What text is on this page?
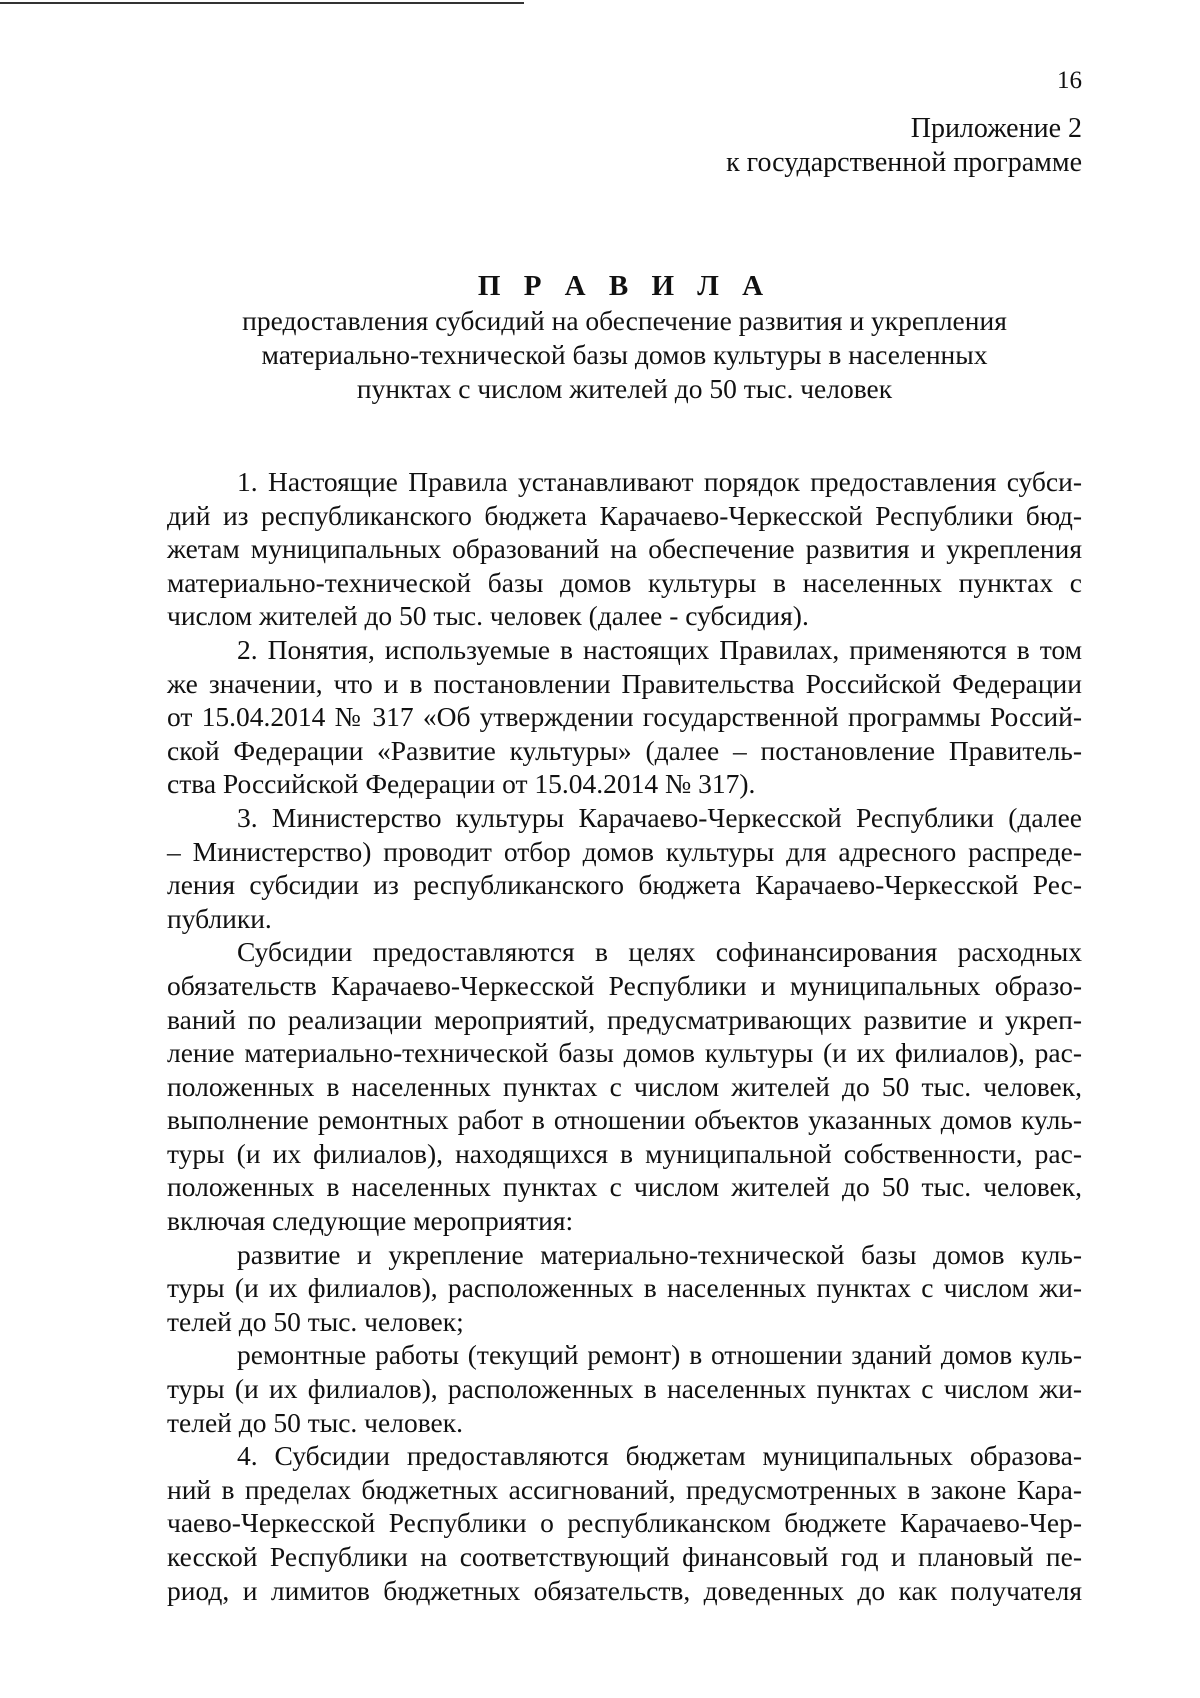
16
Приложение 2
к государственной программе
П Р А В И Л А
предоставления субсидий на обеспечение развития и укрепления
материально-технической базы домов культуры в населенных
пунктах с числом жителей до 50 тыс. человек
1. Настоящие Правила устанавливают порядок предоставления субси-
дий из республиканского бюджета Карачаево-Черкесской Республики бюд-
жетам муниципальных образований на обеспечение развития и укрепления
материально-технической базы домов культуры в населенных пунктах с
числом жителей до 50 тыс. человек (далее - субсидия).
2. Понятия, используемые в настоящих Правилах, применяются в том
же значении, что и в постановлении Правительства Российской Федерации
от 15.04.2014 № 317 «Об утверждении государственной программы Россий-
ской Федерации «Развитие культуры» (далее – постановление Правитель-
ства Российской Федерации от 15.04.2014 № 317).
3. Министерство культуры Карачаево-Черкесской Республики (далее
– Министерство) проводит отбор домов культуры для адресного распреде-
ления субсидии из республиканского бюджета Карачаево-Черкесской Рес-
публики.
Субсидии предоставляются в целях софинансирования расходных
обязательств Карачаево-Черкесской Республики и муниципальных образо-
ваний по реализации мероприятий, предусматривающих развитие и укреп-
ление материально-технической базы домов культуры (и их филиалов), рас-
положенных в населенных пунктах с числом жителей до 50 тыс. человек,
выполнение ремонтных работ в отношении объектов указанных домов куль-
туры (и их филиалов), находящихся в муниципальной собственности, рас-
положенных в населенных пунктах с числом жителей до 50 тыс. человек,
включая следующие мероприятия:
развитие и укрепление материально-технической базы домов куль-
туры (и их филиалов), расположенных в населенных пунктах с числом жи-
телей до 50 тыс. человек;
ремонтные работы (текущий ремонт) в отношении зданий домов куль-
туры (и их филиалов), расположенных в населенных пунктах с числом жи-
телей до 50 тыс. человек.
4. Субсидии предоставляются бюджетам муниципальных образова-
ний в пределах бюджетных ассигнований, предусмотренных в законе Кара-
чаево-Черкесской Республики о республиканском бюджете Карачаево-Чер-
кесской Республики на соответствующий финансовый год и плановый пе-
риод, и лимитов бюджетных обязательств, доведенных до как получателя
